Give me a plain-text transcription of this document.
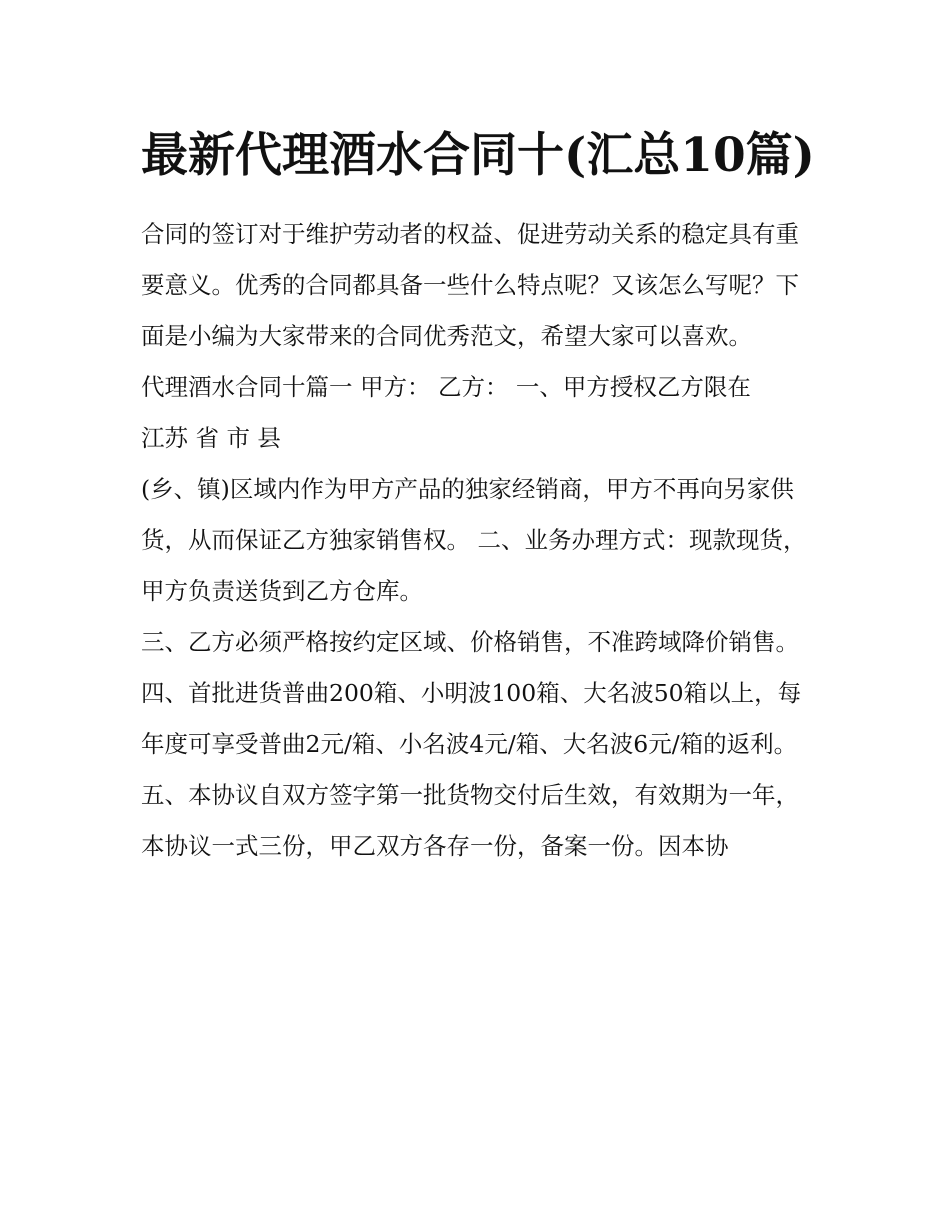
最新代理酒水合同十(汇总10篇)

合同的签订对于维护劳动者的权益、促进劳动关系的稳定具有重要意义。优秀的合同都具备一些什么特点呢？又该怎么写呢？下面是小编为大家带来的合同优秀范文，希望大家可以喜欢。

代理酒水合同十篇一 甲方： 乙方： 一、甲方授权乙方限在

江苏 省 市 县

(乡、镇)区域内作为甲方产品的独家经销商，甲方不再向另家供货，从而保证乙方独家销售权。 二、业务办理方式：现款现货，甲方负责送货到乙方仓库。

三、乙方必须严格按约定区域、价格销售，不准跨域降价销售。

四、首批进货普曲200箱、小明波100箱、大名波50箱以上，每年度可享受普曲2元/箱、小名波4元/箱、大名波6元/箱的返利。

五、本协议自双方签字第一批货物交付后生效，有效期为一年，本协议一式三份，甲乙双方各存一份，备案一份。因本协
